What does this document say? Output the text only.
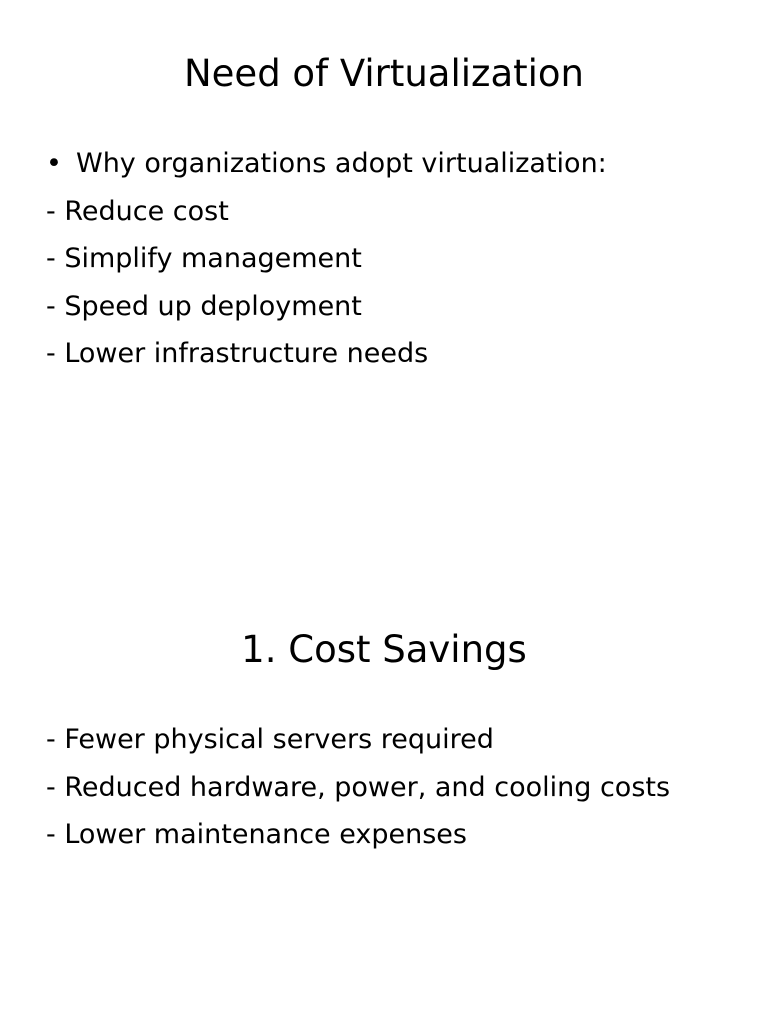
Need of Virtualization
• Why organizations adopt virtualization:
- Reduce cost
- Simplify management
- Speed up deployment
- Lower infrastructure needs
1. Cost Savings
- Fewer physical servers required
- Reduced hardware, power, and cooling costs
- Lower maintenance expenses
